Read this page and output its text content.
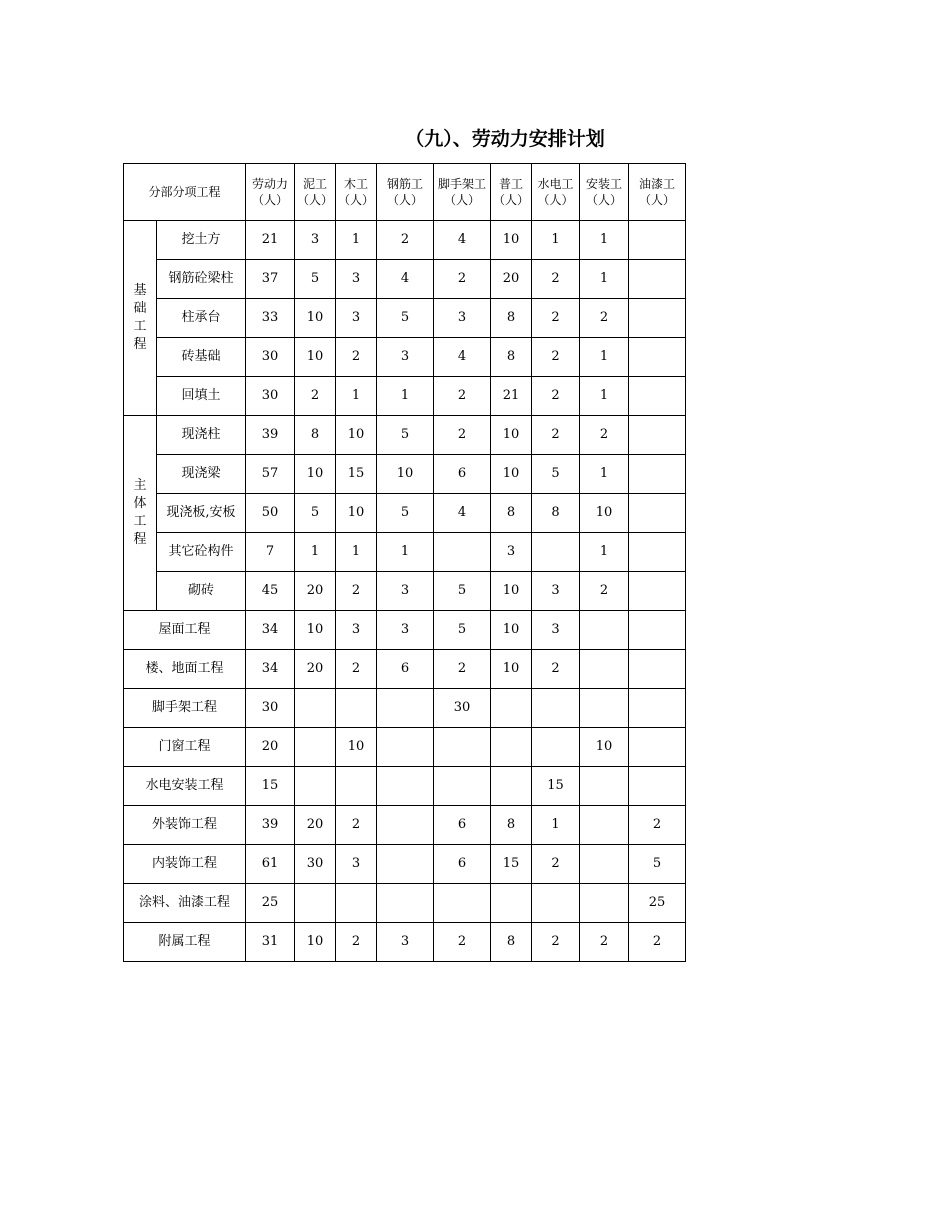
（九）、劳动力安排计划
分部分项工程		劳动力（人）	泥工（人）	木工（人）	钢筋工（人）	脚手架工（人）	普工（人）	水电工（人）	安装工（人）	油漆工（人）

基础工程	挖土方	21	3	1	2	4	10	1	1	
	钢筋砼梁柱	37	5	3	4	2	20	2	1	
	柱承台	33	10	3	5	3	8	2	2	
	砖基础	30	10	2	3	4	8	2	1	
	回填土	30	2	1	1	2	21	2	1	

主体工程	现浇柱	39	8	10	5	2	10	2	2	
	现浇梁	57	10	15	10	6	10	5	1	
	现浇板,安板	50	5	10	5	4	8	8	10	
	其它砼构件	7	1	1	1		3		1	
	砌砖	45	20	2	3	5	10	3	2	
屋面工程		34	10	3	3	5	10	3		
楼、地面工程		34	20	2	6	2	10	2		
脚手架工程		30				30				
门窗工程		20		10					10	
水电安装工程		15						15		
外装饰工程		39	20	2		6	8	1		2
内装饰工程		61	30	3		6	15	2		5
涂料、油漆工程		25								25
附属工程		31	10	2	3	2	8	2	2	2
